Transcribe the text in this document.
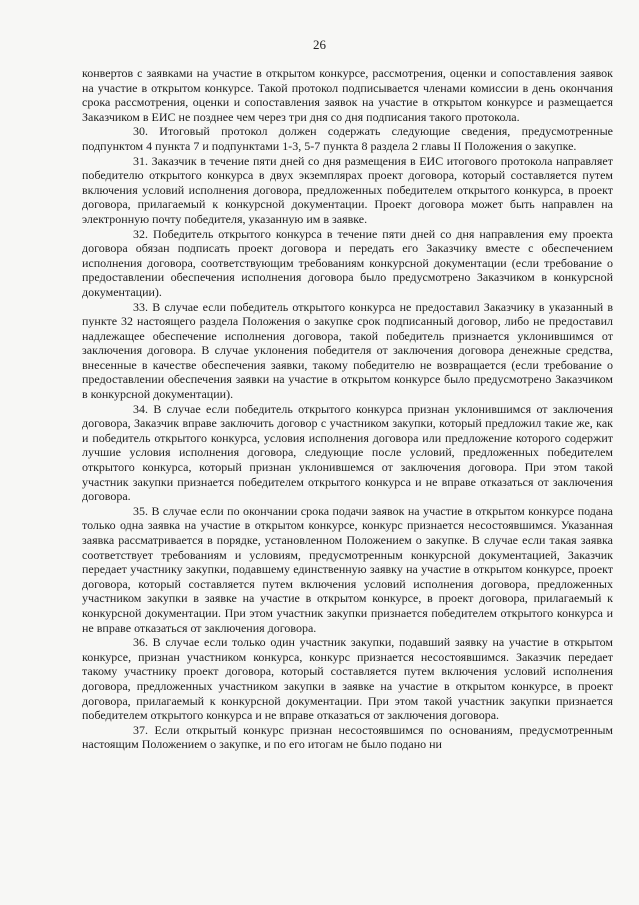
26

конвертов с заявками на участие в открытом конкурсе, рассмотрения, оценки и сопоставления заявок на участие в открытом конкурсе. Такой протокол подписывается членами комиссии в день окончания срока рассмотрения, оценки и сопоставления заявок на участие в открытом конкурсе и размещается Заказчиком в ЕИС не позднее чем через три дня со дня подписания такого протокола.

30. Итоговый протокол должен содержать следующие сведения, предусмотренные подпунктом 4 пункта 7 и подпунктами 1-3, 5-7 пункта 8 раздела 2 главы II Положения о закупке.

31. Заказчик в течение пяти дней со дня размещения в ЕИС итогового протокола направляет победителю открытого конкурса в двух экземплярах проект договора, который составляется путем включения условий исполнения договора, предложенных победителем открытого конкурса, в проект договора, прилагаемый к конкурсной документации. Проект договора может быть направлен на электронную почту победителя, указанную им в заявке.

32. Победитель открытого конкурса в течение пяти дней со дня направления ему проекта договора обязан подписать проект договора и передать его Заказчику вместе с обеспечением исполнения договора, соответствующим требованиям конкурсной документации (если требование о предоставлении обеспечения исполнения договора было предусмотрено Заказчиком в конкурсной документации).

33. В случае если победитель открытого конкурса не предоставил Заказчику в указанный в пункте 32 настоящего раздела Положения о закупке срок подписанный договор, либо не предоставил надлежащее обеспечение исполнения договора, такой победитель признается уклонившимся от заключения договора. В случае уклонения победителя от заключения договора денежные средства, внесенные в качестве обеспечения заявки, такому победителю не возвращается (если требование о предоставлении обеспечения заявки на участие в открытом конкурсе было предусмотрено Заказчиком в конкурсной документации).

34. В случае если победитель открытого конкурса признан уклонившимся от заключения договора, Заказчик вправе заключить договор с участником закупки, который предложил такие же, как и победитель открытого конкурса, условия исполнения договора или предложение которого содержит лучшие условия исполнения договора, следующие после условий, предложенных победителем открытого конкурса, который признан уклонившемся от заключения договора. При этом такой участник закупки признается победителем открытого конкурса и не вправе отказаться от заключения договора.

35. В случае если по окончании срока подачи заявок на участие в открытом конкурсе подана только одна заявка на участие в открытом конкурсе, конкурс признается несостоявшимся. Указанная заявка рассматривается в порядке, установленном Положением о закупке. В случае если такая заявка соответствует требованиям и условиям, предусмотренным конкурсной документацией, Заказчик передает участнику закупки, подавшему единственную заявку на участие в открытом конкурсе, проект договора, который составляется путем включения условий исполнения договора, предложенных участником закупки в заявке на участие в открытом конкурсе, в проект договора, прилагаемый к конкурсной документации. При этом участник закупки признается победителем открытого конкурса и не вправе отказаться от заключения договора.

36. В случае если только один участник закупки, подавший заявку на участие в открытом конкурсе, признан участником конкурса, конкурс признается несостоявшимся. Заказчик передает такому участнику проект договора, который составляется путем включения условий исполнения договора, предложенных участником закупки в заявке на участие в открытом конкурсе, в проект договора, прилагаемый к конкурсной документации. При этом такой участник закупки признается победителем открытого конкурса и не вправе отказаться от заключения договора.

37. Если открытый конкурс признан несостоявшимся по основаниям, предусмотренным настоящим Положением о закупке, и по его итогам не было подано ни
